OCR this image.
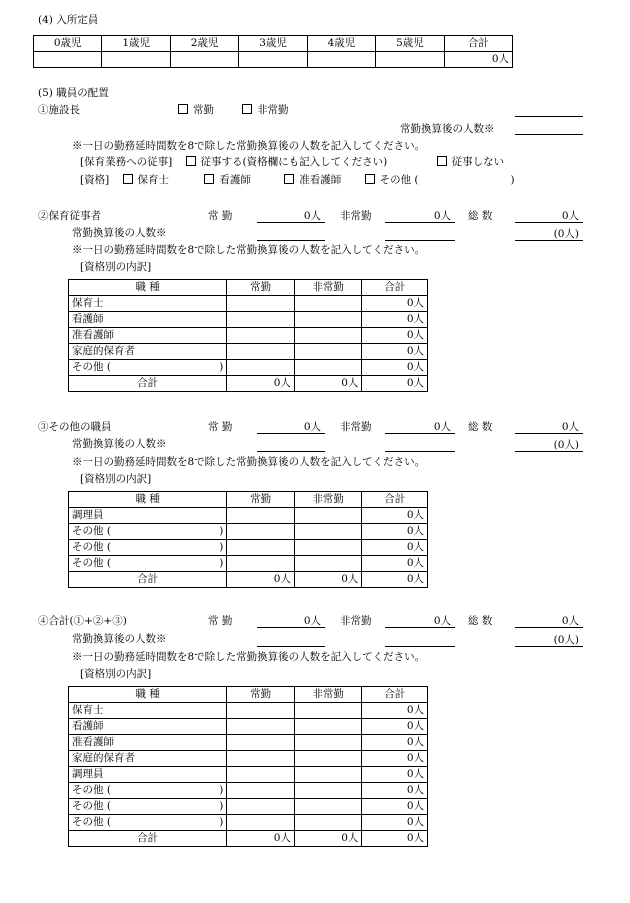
(4) 入所定員
0歳児	1歳児	2歳児	3歳児	4歳児	5歳児	合計
						0人
(5) 職員の配置
①施設長	常勤	非常勤
常勤換算後の人数※
※一日の勤務延時間数を8で除した常勤換算後の人数を記入してください。
[保育業務への従事]	従事する(資格欄にも記入してください)	従事しない
[資格]	保育士	看護師	准看護師	その他 (	)
②保育従事者	常 勤	0人	非常勤	0人	総 数	0人
常勤換算後の人数※	(0人)
※一日の勤務延時間数を8で除した常勤換算後の人数を記入してください。
[資格別の内訳]
職 種	常勤	非常勤	合計
保育士			0人
看護師			0人
准看護師			0人
家庭的保育者			0人
その他 ( )			0人
合計	0人	0人	0人
③その他の職員	常 勤	0人	非常勤	0人	総 数	0人
常勤換算後の人数※	(0人)
※一日の勤務延時間数を8で除した常勤換算後の人数を記入してください。
[資格別の内訳]
職 種	常勤	非常勤	合計
調理員			0人
その他 ( )			0人
その他 ( )			0人
その他 ( )			0人
合計	0人	0人	0人
④合計(①+②+③)	常 勤	0人	非常勤	0人	総 数	0人
常勤換算後の人数※	(0人)
※一日の勤務延時間数を8で除した常勤換算後の人数を記入してください。
[資格別の内訳]
職 種	常勤	非常勤	合計
保育士			0人
看護師			0人
准看護師			0人
家庭的保育者			0人
調理員			0人
その他 ( )			0人
その他 ( )			0人
その他 ( )			0人
合計	0人	0人	0人
